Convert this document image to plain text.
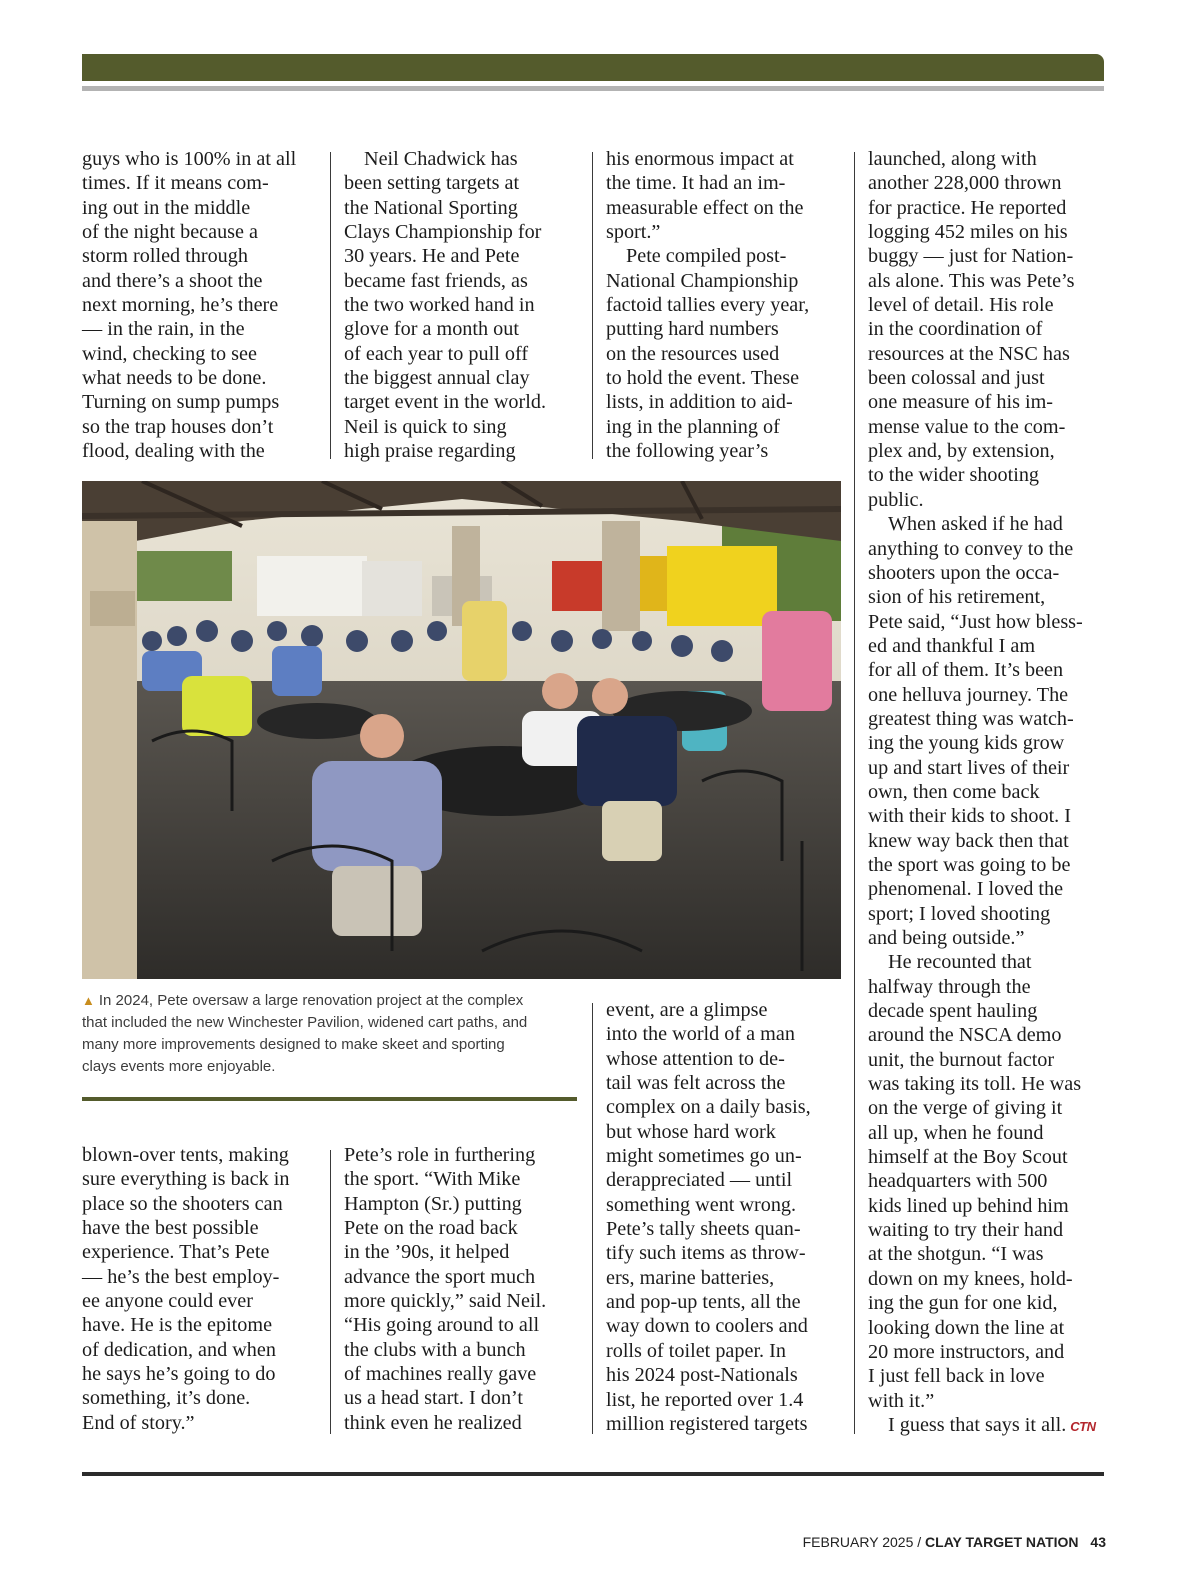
guys who is 100% in at all

times. If it means com-

ing out in the middle

of the night because a

storm rolled through

and there’s a shoot the

next morning, he’s there

— in the rain, in the

wind, checking to see

what needs to be done.

Turning on sump pumps

so the trap houses don’t

flood, dealing with the

Neil Chadwick has

been setting targets at

the National Sporting

Clays Championship for

30 years. He and Pete

became fast friends, as

the two worked hand in

glove for a month out

of each year to pull off

the biggest annual clay

target event in the world.

Neil is quick to sing

high praise regarding

his enormous impact at

the time. It had an im-

measurable effect on the

sport.”

Pete compiled post-

National Championship

factoid tallies every year,

putting hard numbers

on the resources used

to hold the event. These

lists, in addition to aid-

ing in the planning of

the following year’s

launched, along with

another 228,000 thrown

for practice. He reported

logging 452 miles on his

buggy — just for Nation-

als alone. This was Pete’s

level of detail. His role

in the coordination of

resources at the NSC has

been colossal and just

one measure of his im-

mense value to the com-

plex and, by extension,

to the wider shooting

public.

When asked if he had

anything to convey to the

shooters upon the occa-

sion of his retirement,

Pete said, “Just how bless-

ed and thankful I am

for all of them. It’s been

one helluva journey. The

greatest thing was watch-

ing the young kids grow

up and start lives of their

own, then come back

with their kids to shoot. I

knew way back then that

the sport was going to be

phenomenal. I loved the

sport; I loved shooting

and being outside.”

He recounted that

halfway through the

decade spent hauling

around the NSCA demo

unit, the burnout factor

was taking its toll. He was

on the verge of giving it

all up, when he found

himself at the Boy Scout

headquarters with 500

kids lined up behind him

waiting to try their hand

at the shotgun. “I was

down on my knees, hold-

ing the gun for one kid,

looking down the line at

20 more instructors, and

I just fell back in love

with it.”

I guess that says it all. CTN

▲ In 2024, Pete oversaw a large renovation project at the complex
that included the new Winchester Pavilion, widened cart paths, and
many more improvements designed to make skeet and sporting
clays events more enjoyable.

event, are a glimpse

into the world of a man

whose attention to de-

tail was felt across the

complex on a daily basis,

but whose hard work

might sometimes go un-

derappreciated — until

something went wrong.

Pete’s tally sheets quan-

tify such items as throw-

ers, marine batteries,

and pop-up tents, all the

way down to coolers and

rolls of toilet paper. In

his 2024 post-Nationals

list, he reported over 1.4

million registered targets

blown-over tents, making

sure everything is back in

place so the shooters can

have the best possible

experience. That’s Pete

— he’s the best employ-

ee anyone could ever

have. He is the epitome

of dedication, and when

he says he’s going to do

something, it’s done.

End of story.”

Pete’s role in furthering

the sport. “With Mike

Hampton (Sr.) putting

Pete on the road back

in the ’90s, it helped

advance the sport much

more quickly,” said Neil.

“His going around to all

the clubs with a bunch

of machines really gave

us a head start. I don’t

think even he realized

FEBRUARY 2025 / CLAY TARGET NATION 43
